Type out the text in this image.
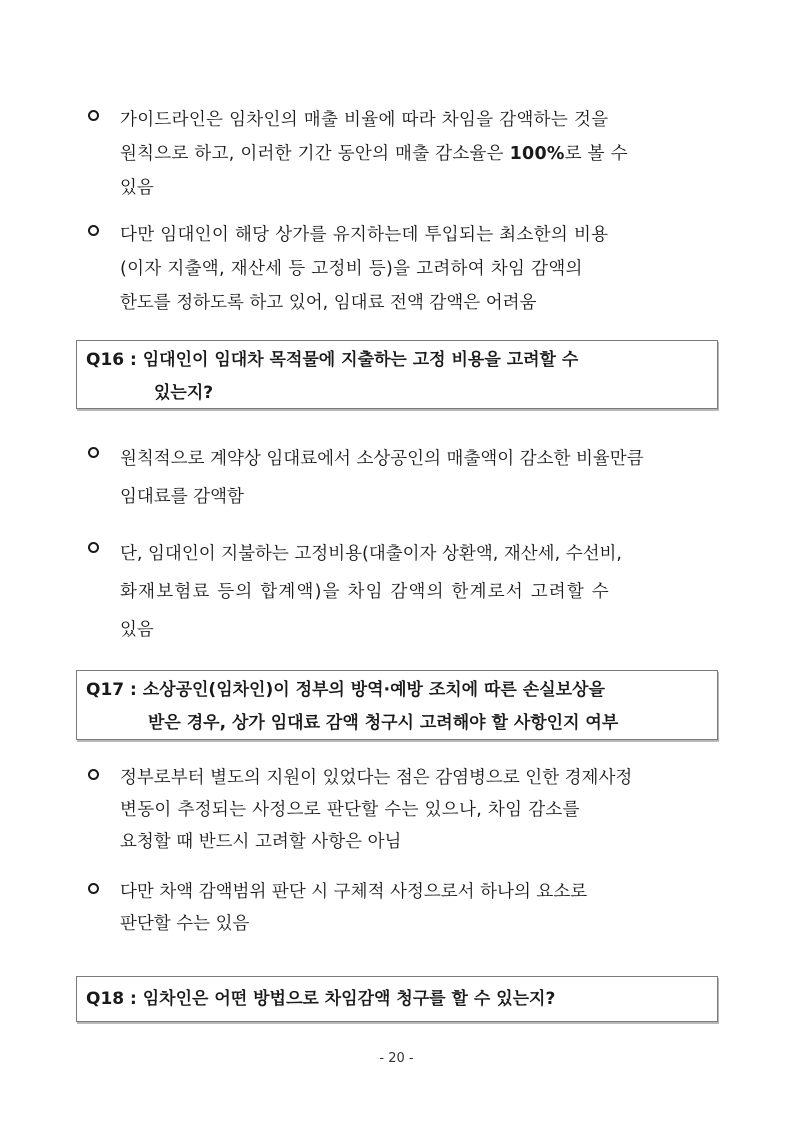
가이드라인은 임차인의 매출 비율에 따라 차임을 감액하는 것을
원칙으로 하고, 이러한 기간 동안의 매출 감소율은 100%로 볼 수
있음
다만 임대인이 해당 상가를 유지하는데 투입되는 최소한의 비용
(이자 지출액, 재산세 등 고정비 등)을 고려하여 차임 감액의
한도를 정하도록 하고 있어, 임대료 전액 감액은 어려움
Q16 : 임대인이 임대차 목적물에 지출하는 고정 비용을 고려할 수
있는지?
원칙적으로 계약상 임대료에서 소상공인의 매출액이 감소한 비율만큼
임대료를 감액함
단, 임대인이 지불하는 고정비용(대출이자 상환액, 재산세, 수선비,
화재보험료 등의 합계액)을 차임 감액의 한계로서 고려할 수
있음
Q17 : 소상공인(임차인)이 정부의 방역·예방 조치에 따른 손실보상을
받은 경우, 상가 임대료 감액 청구시 고려해야 할 사항인지 여부
정부로부터 별도의 지원이 있었다는 점은 감염병으로 인한 경제사정
변동이 추정되는 사정으로 판단할 수는 있으나, 차임 감소를
요청할 때 반드시 고려할 사항은 아님
다만 차액 감액범위 판단 시 구체적 사정으로서 하나의 요소로
판단할 수는 있음
Q18 : 임차인은 어떤 방법으로 차임감액 청구를 할 수 있는지?
- 20 -
